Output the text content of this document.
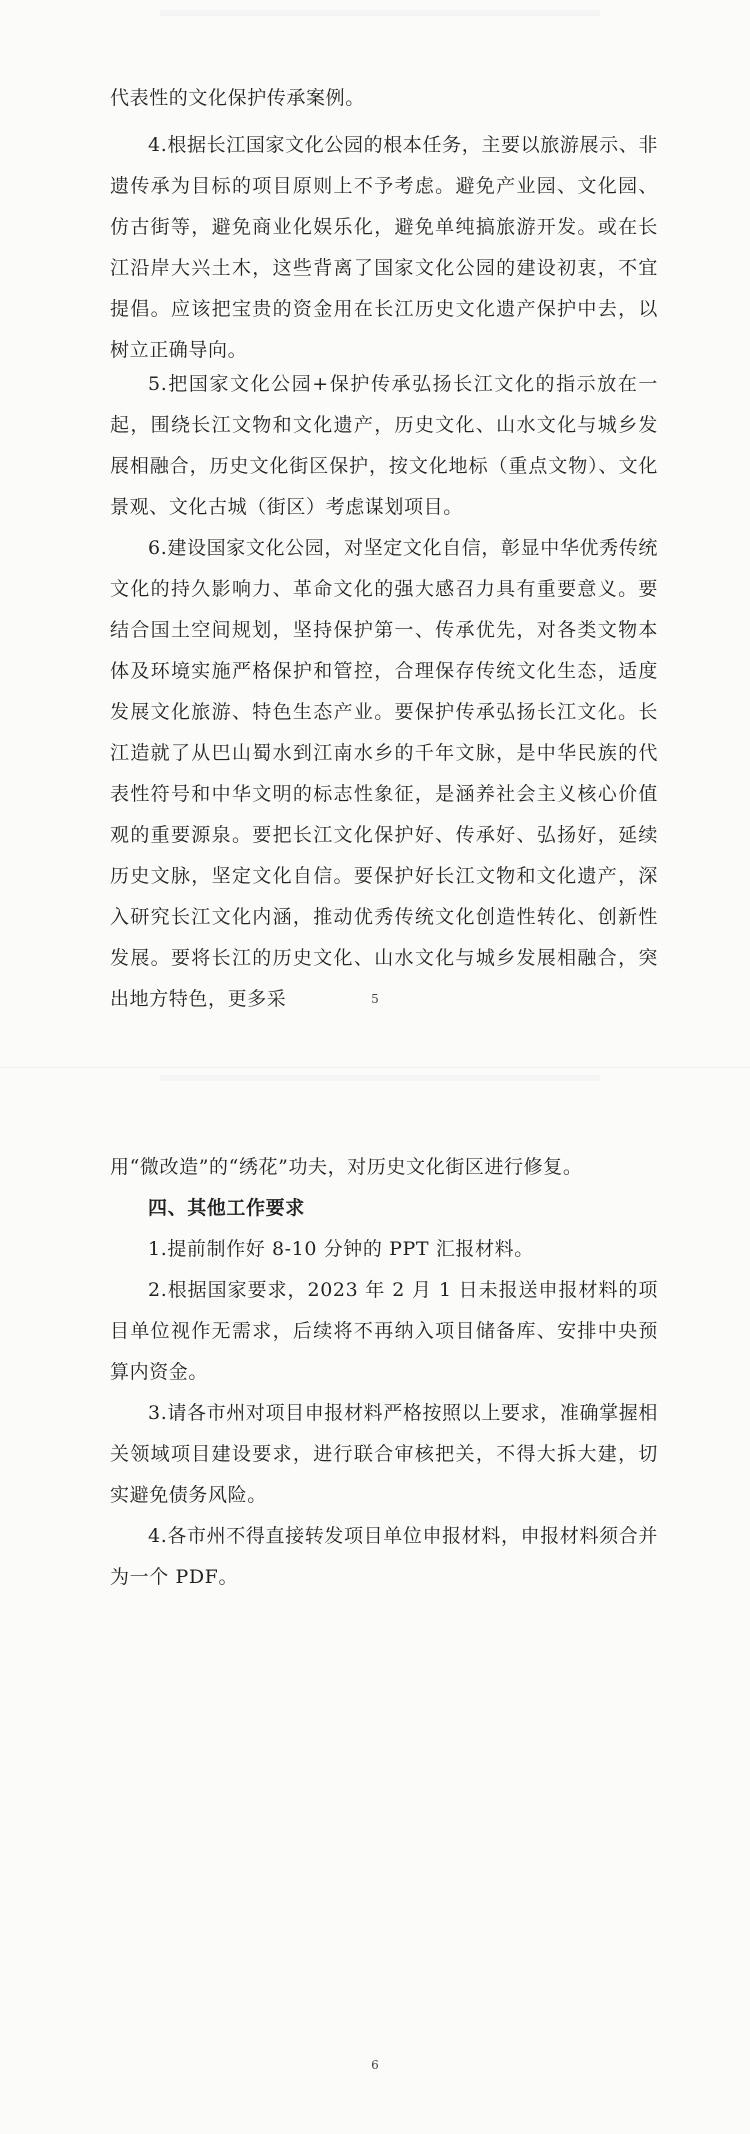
代表性的文化保护传承案例。

4.根据长江国家文化公园的根本任务，主要以旅游展示、非遗传承为目标的项目原则上不予考虑。避免产业园、文化园、仿古街等，避免商业化娱乐化，避免单纯搞旅游开发。或在长江沿岸大兴土木，这些背离了国家文化公园的建设初衷，不宜提倡。应该把宝贵的资金用在长江历史文化遗产保护中去，以树立正确导向。

5.把国家文化公园+保护传承弘扬长江文化的指示放在一起，围绕长江文物和文化遗产，历史文化、山水文化与城乡发展相融合，历史文化街区保护，按文化地标（重点文物）、文化景观、文化古城（街区）考虑谋划项目。

6.建设国家文化公园，对坚定文化自信，彰显中华优秀传统文化的持久影响力、革命文化的强大感召力具有重要意义。要结合国土空间规划，坚持保护第一、传承优先，对各类文物本体及环境实施严格保护和管控，合理保存传统文化生态，适度发展文化旅游、特色生态产业。要保护传承弘扬长江文化。长江造就了从巴山蜀水到江南水乡的千年文脉，是中华民族的代表性符号和中华文明的标志性象征，是涵养社会主义核心价值观的重要源泉。要把长江文化保护好、传承好、弘扬好，延续历史文脉，坚定文化自信。要保护好长江文物和文化遗产，深入研究长江文化内涵，推动优秀传统文化创造性转化、创新性发展。要将长江的历史文化、山水文化与城乡发展相融合，突出地方特色，更多采	5

用“微改造”的“绣花”功夫，对历史文化街区进行修复。

四、其他工作要求

1.提前制作好 8-10 分钟的 PPT 汇报材料。

2.根据国家要求，2023 年 2 月 1 日未报送申报材料的项目单位视作无需求，后续将不再纳入项目储备库、安排中央预算内资金。

3.请各市州对项目申报材料严格按照以上要求，准确掌握相关领域项目建设要求，进行联合审核把关，不得大拆大建，切实避免债务风险。

4.各市州不得直接转发项目单位申报材料，申报材料须合并为一个 PDF。

6
